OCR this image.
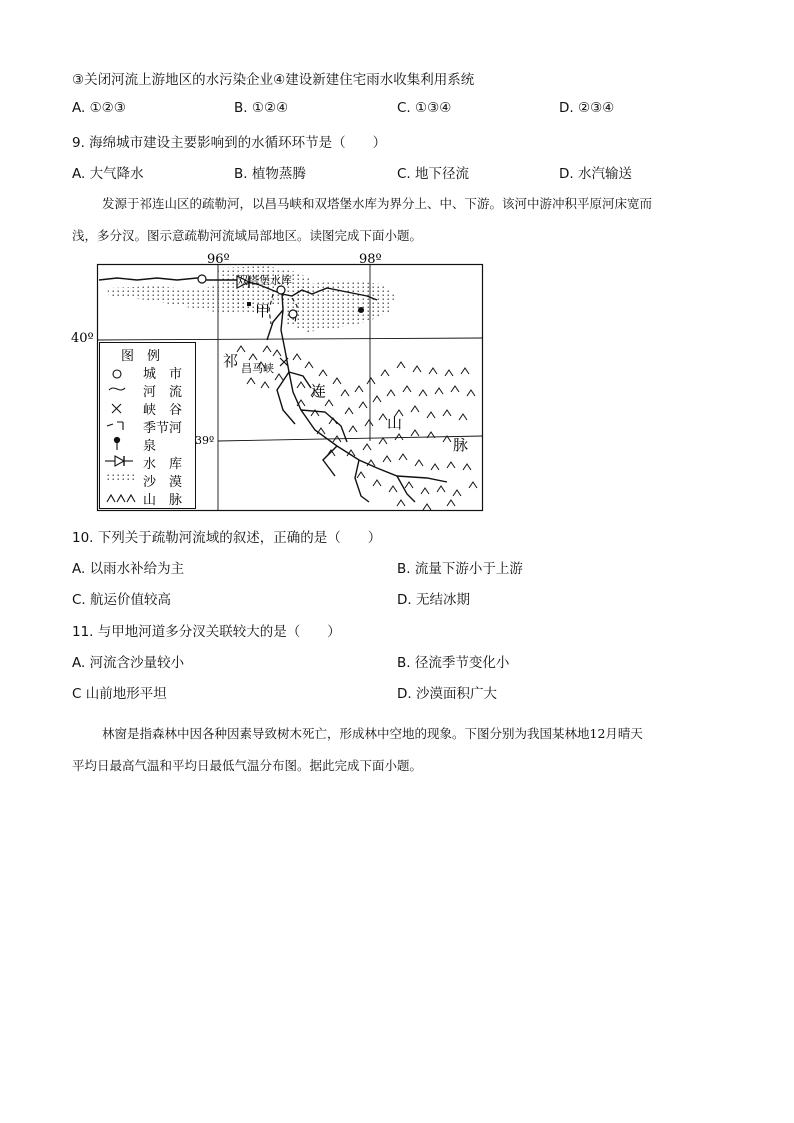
③关闭河流上游地区的水污染企业④建设新建住宅雨水收集利用系统
A. ①②③	B. ①②④	C. ①③④	D. ②③④
9. 海绵城市建设主要影响到的水循环环节是（　　）
A. 大气降水	B. 植物蒸腾	C. 地下径流	D. 水汽输送
发源于祁连山区的疏勒河，以昌马峡和双塔堡水库为界分上、中、下游。该河中游冲积平原河床宽而
浅，多分汊。图示意疏勒河流域局部地区。读图完成下面小题。
96º	98º
40º
39º
双塔堡水库
甲
昌马峡
祁
连
山
脉
图　例
城　市
河　流
峡　谷
季节河
泉
水　库
沙　漠
山　脉
10. 下列关于疏勒河流域的叙述，正确的是（　　）
A. 以雨水补给为主	B. 流量下游小于上游
C. 航运价值较高	D. 无结冰期
11. 与甲地河道多分汊关联较大的是（　　）
A. 河流含沙量较小	B. 径流季节变化小
C 山前地形平坦	D. 沙漠面积广大
林窗是指森林中因各种因素导致树木死亡，形成林中空地的现象。下图分别为我国某林地12月晴天
平均日最高气温和平均日最低气温分布图。据此完成下面小题。
